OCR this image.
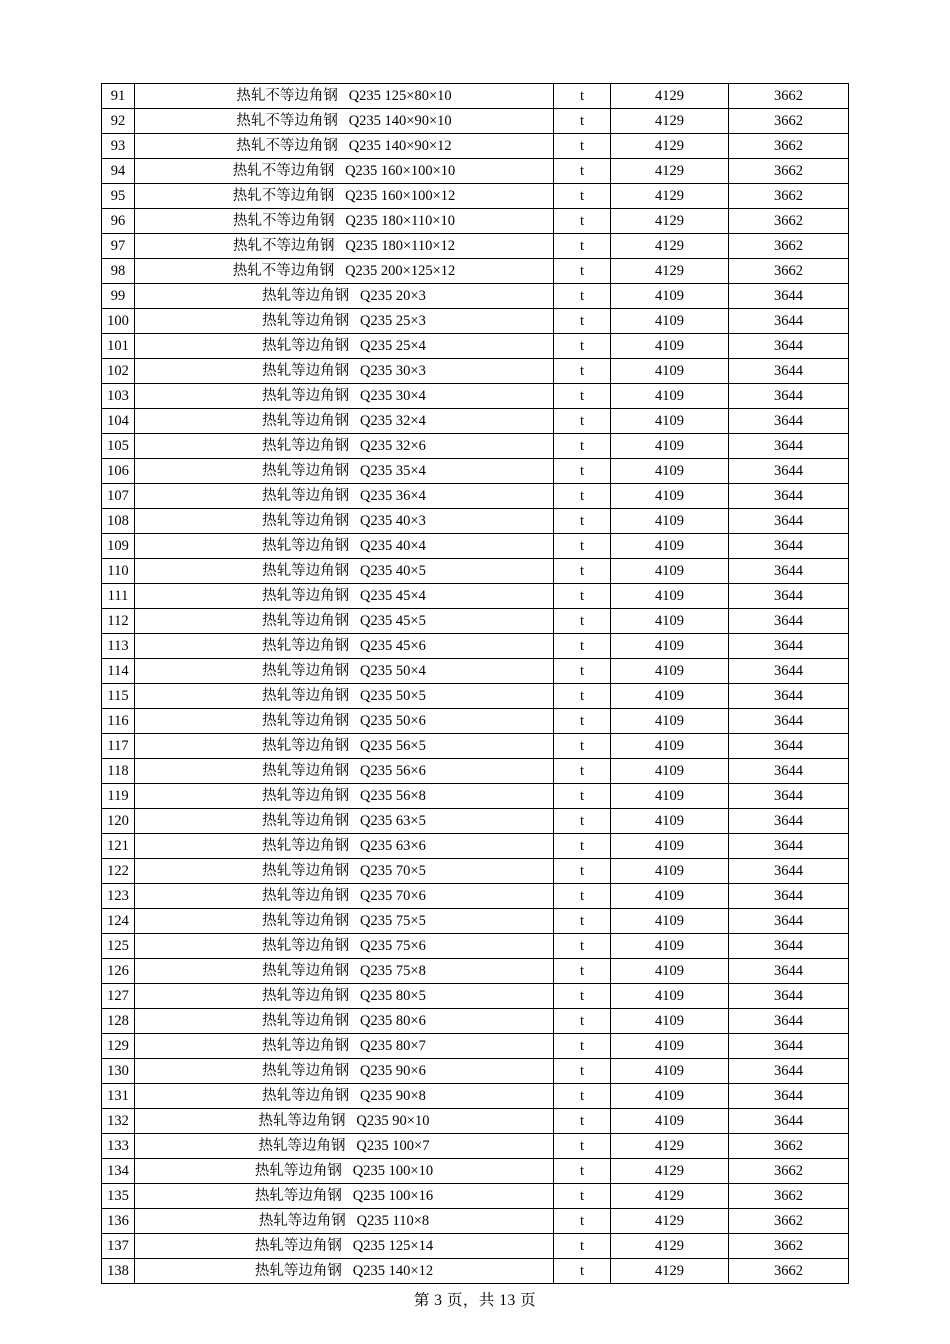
91	热轧不等边角钢   Q235 125×80×10	t	4129	3662
92	热轧不等边角钢   Q235 140×90×10	t	4129	3662
93	热轧不等边角钢   Q235 140×90×12	t	4129	3662
94	热轧不等边角钢   Q235 160×100×10	t	4129	3662
95	热轧不等边角钢   Q235 160×100×12	t	4129	3662
96	热轧不等边角钢   Q235 180×110×10	t	4129	3662
97	热轧不等边角钢   Q235 180×110×12	t	4129	3662
98	热轧不等边角钢   Q235 200×125×12	t	4129	3662
99	热轧等边角钢   Q235 20×3	t	4109	3644
100	热轧等边角钢   Q235 25×3	t	4109	3644
101	热轧等边角钢   Q235 25×4	t	4109	3644
102	热轧等边角钢   Q235 30×3	t	4109	3644
103	热轧等边角钢   Q235 30×4	t	4109	3644
104	热轧等边角钢   Q235 32×4	t	4109	3644
105	热轧等边角钢   Q235 32×6	t	4109	3644
106	热轧等边角钢   Q235 35×4	t	4109	3644
107	热轧等边角钢   Q235 36×4	t	4109	3644
108	热轧等边角钢   Q235 40×3	t	4109	3644
109	热轧等边角钢   Q235 40×4	t	4109	3644
110	热轧等边角钢   Q235 40×5	t	4109	3644
111	热轧等边角钢   Q235 45×4	t	4109	3644
112	热轧等边角钢   Q235 45×5	t	4109	3644
113	热轧等边角钢   Q235 45×6	t	4109	3644
114	热轧等边角钢   Q235 50×4	t	4109	3644
115	热轧等边角钢   Q235 50×5	t	4109	3644
116	热轧等边角钢   Q235 50×6	t	4109	3644
117	热轧等边角钢   Q235 56×5	t	4109	3644
118	热轧等边角钢   Q235 56×6	t	4109	3644
119	热轧等边角钢   Q235 56×8	t	4109	3644
120	热轧等边角钢   Q235 63×5	t	4109	3644
121	热轧等边角钢   Q235 63×6	t	4109	3644
122	热轧等边角钢   Q235 70×5	t	4109	3644
123	热轧等边角钢   Q235 70×6	t	4109	3644
124	热轧等边角钢   Q235 75×5	t	4109	3644
125	热轧等边角钢   Q235 75×6	t	4109	3644
126	热轧等边角钢   Q235 75×8	t	4109	3644
127	热轧等边角钢   Q235 80×5	t	4109	3644
128	热轧等边角钢   Q235 80×6	t	4109	3644
129	热轧等边角钢   Q235 80×7	t	4109	3644
130	热轧等边角钢   Q235 90×6	t	4109	3644
131	热轧等边角钢   Q235 90×8	t	4109	3644
132	热轧等边角钢   Q235 90×10	t	4109	3644
133	热轧等边角钢   Q235 100×7	t	4129	3662
134	热轧等边角钢   Q235 100×10	t	4129	3662
135	热轧等边角钢   Q235 100×16	t	4129	3662
136	热轧等边角钢   Q235 110×8	t	4129	3662
137	热轧等边角钢   Q235 125×14	t	4129	3662
138	热轧等边角钢   Q235 140×12	t	4129	3662
第 3 页，共 13 页
